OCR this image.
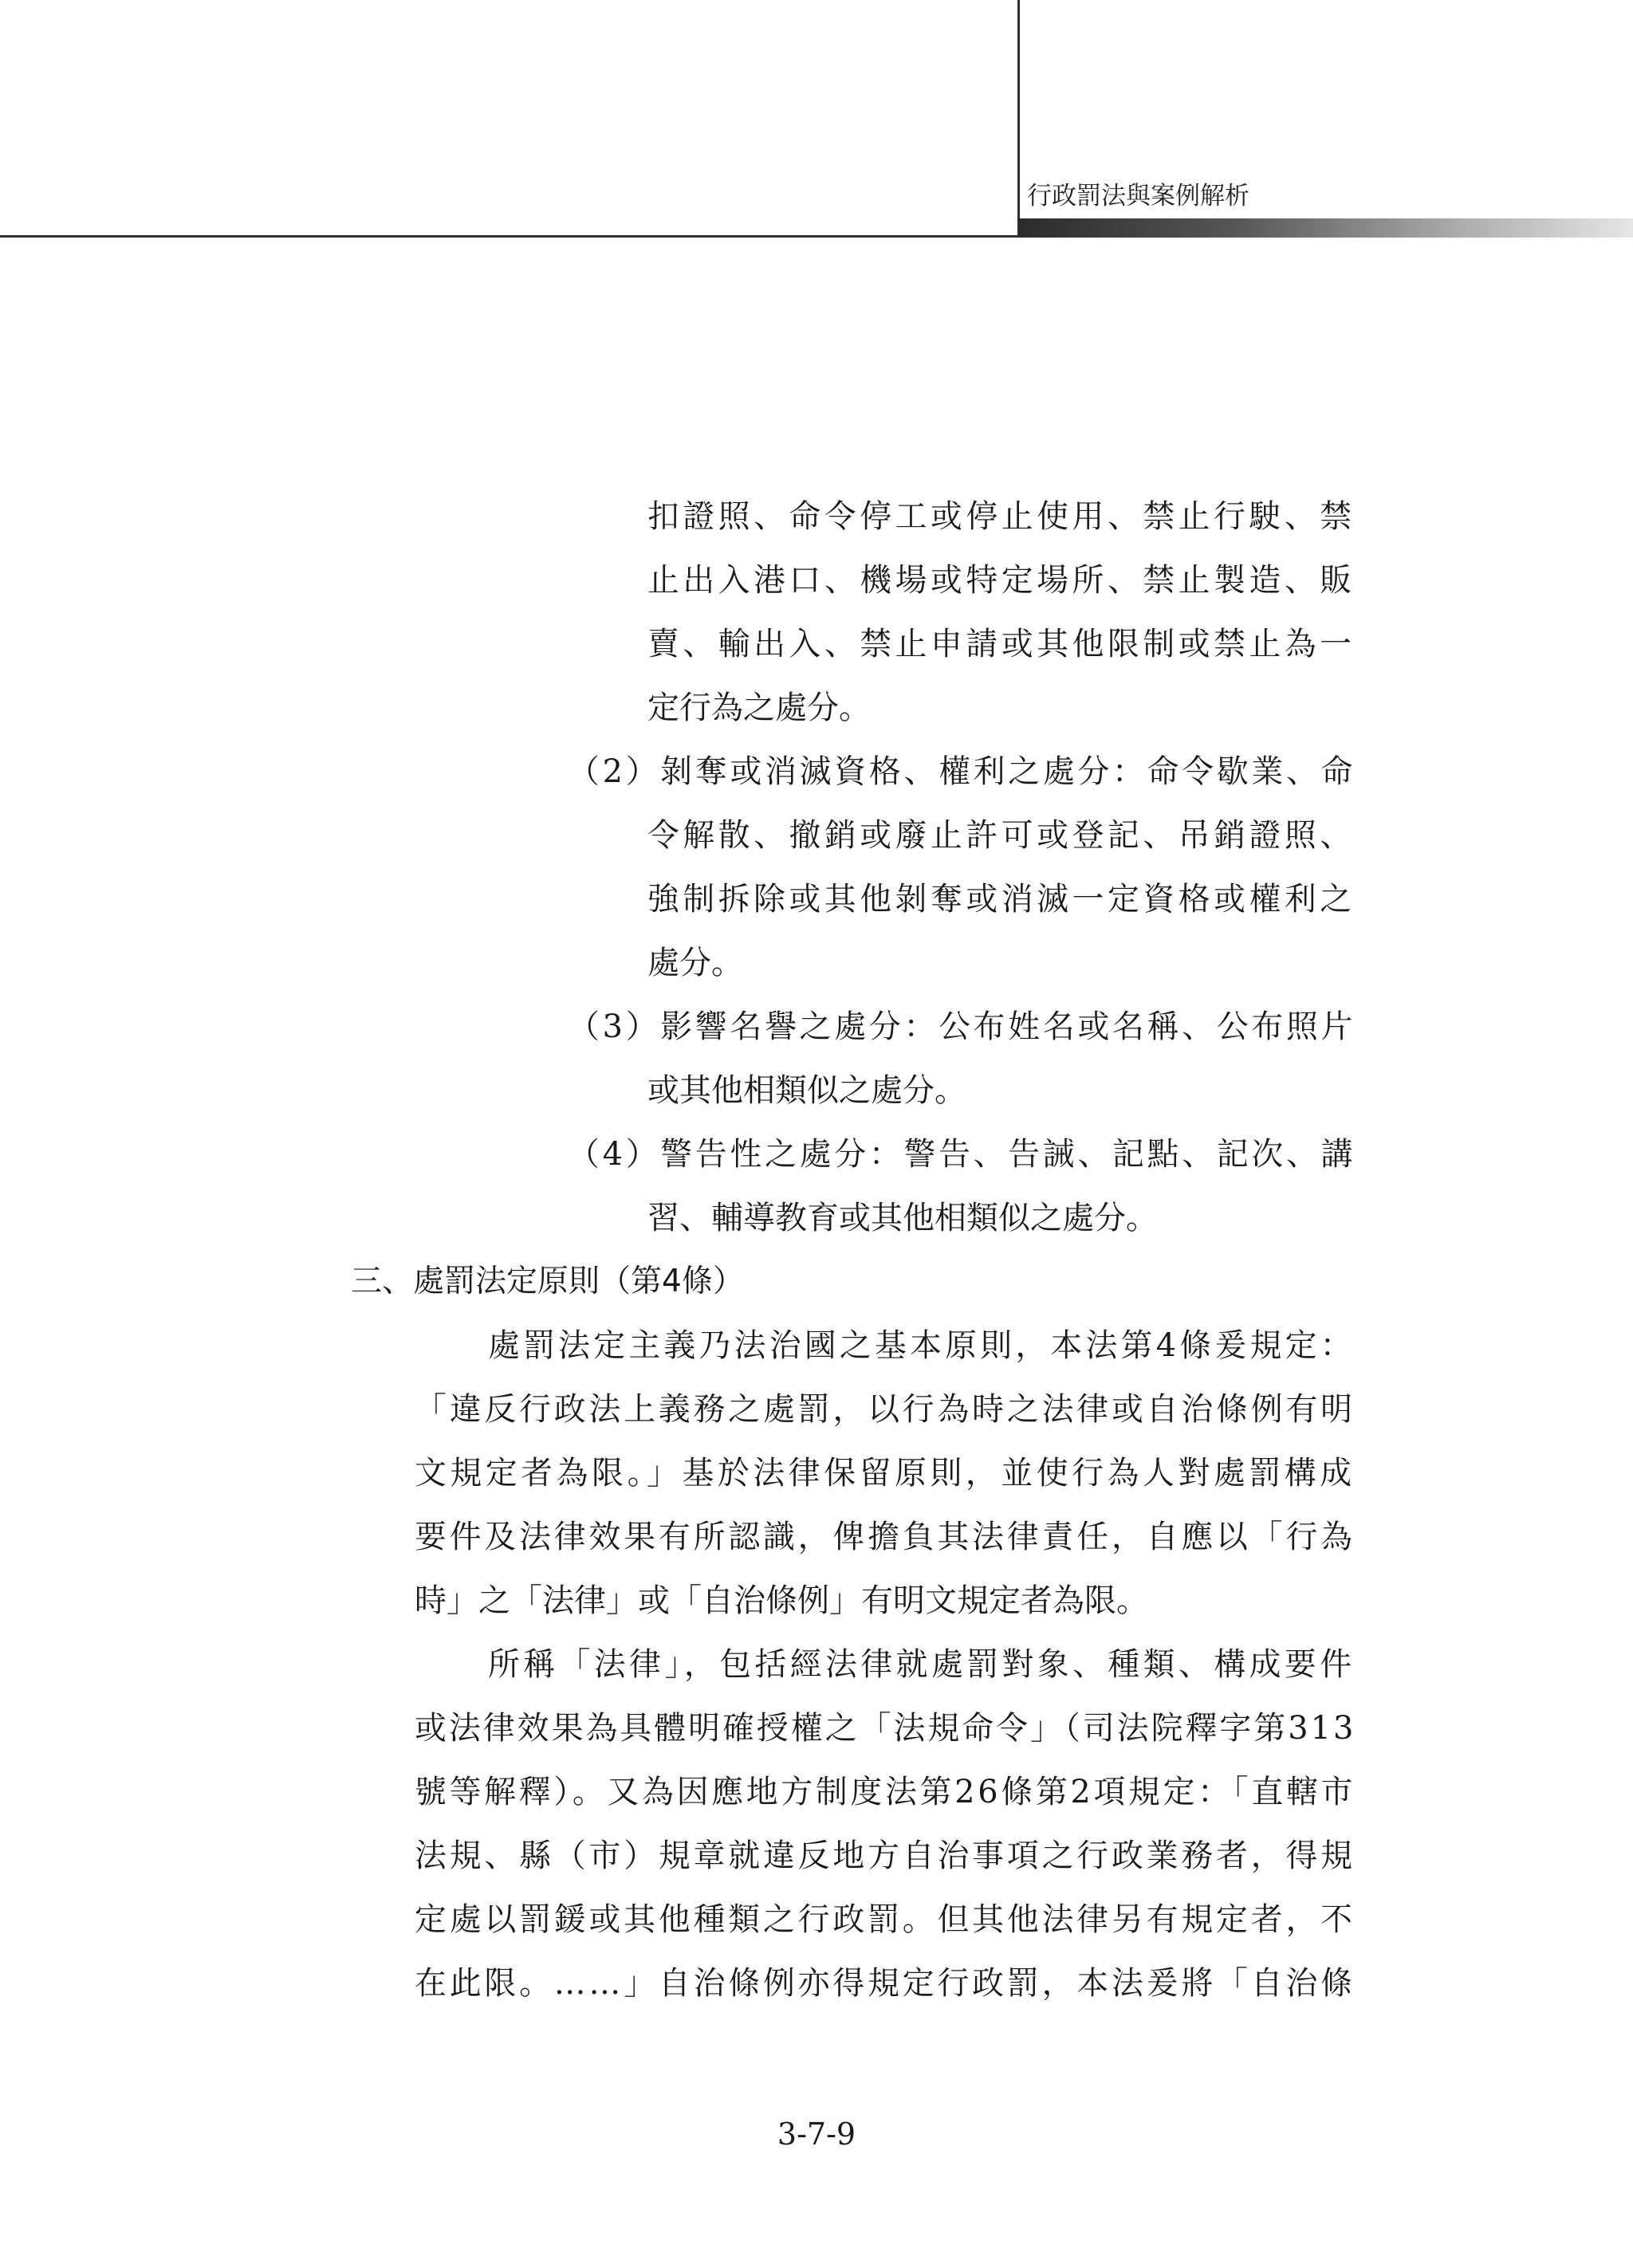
行政罰法與案例解析
扣證照、命令停工或停止使用、禁止行駛、禁
止出入港口、機場或特定場所、禁止製造、販
賣、輸出入、禁止申請或其他限制或禁止為一
定行為之處分。
（2）剝奪或消滅資格、權利之處分：命令歇業、命
令解散、撤銷或廢止許可或登記、吊銷證照、
強制拆除或其他剝奪或消滅一定資格或權利之
處分。
（3）影響名譽之處分：公布姓名或名稱、公布照片
或其他相類似之處分。
（4）警告性之處分：警告、告誡、記點、記次、講
習、輔導教育或其他相類似之處分。
三、處罰法定原則（第4條）
處罰法定主義乃法治國之基本原則，本法第4條爰規定：
「違反行政法上義務之處罰，以行為時之法律或自治條例有明
文規定者為限。」基於法律保留原則，並使行為人對處罰構成
要件及法律效果有所認識，俾擔負其法律責任，自應以「行為
時」之「法律」或「自治條例」有明文規定者為限。
所稱「法律」，包括經法律就處罰對象、種類、構成要件
或法律效果為具體明確授權之「法規命令」（司法院釋字第313
號等解釋）。又為因應地方制度法第26條第2項規定：「直轄市
法規、縣（市）規章就違反地方自治事項之行政業務者，得規
定處以罰鍰或其他種類之行政罰。但其他法律另有規定者，不
在此限。……」自治條例亦得規定行政罰，本法爰將「自治條
3-7-9
